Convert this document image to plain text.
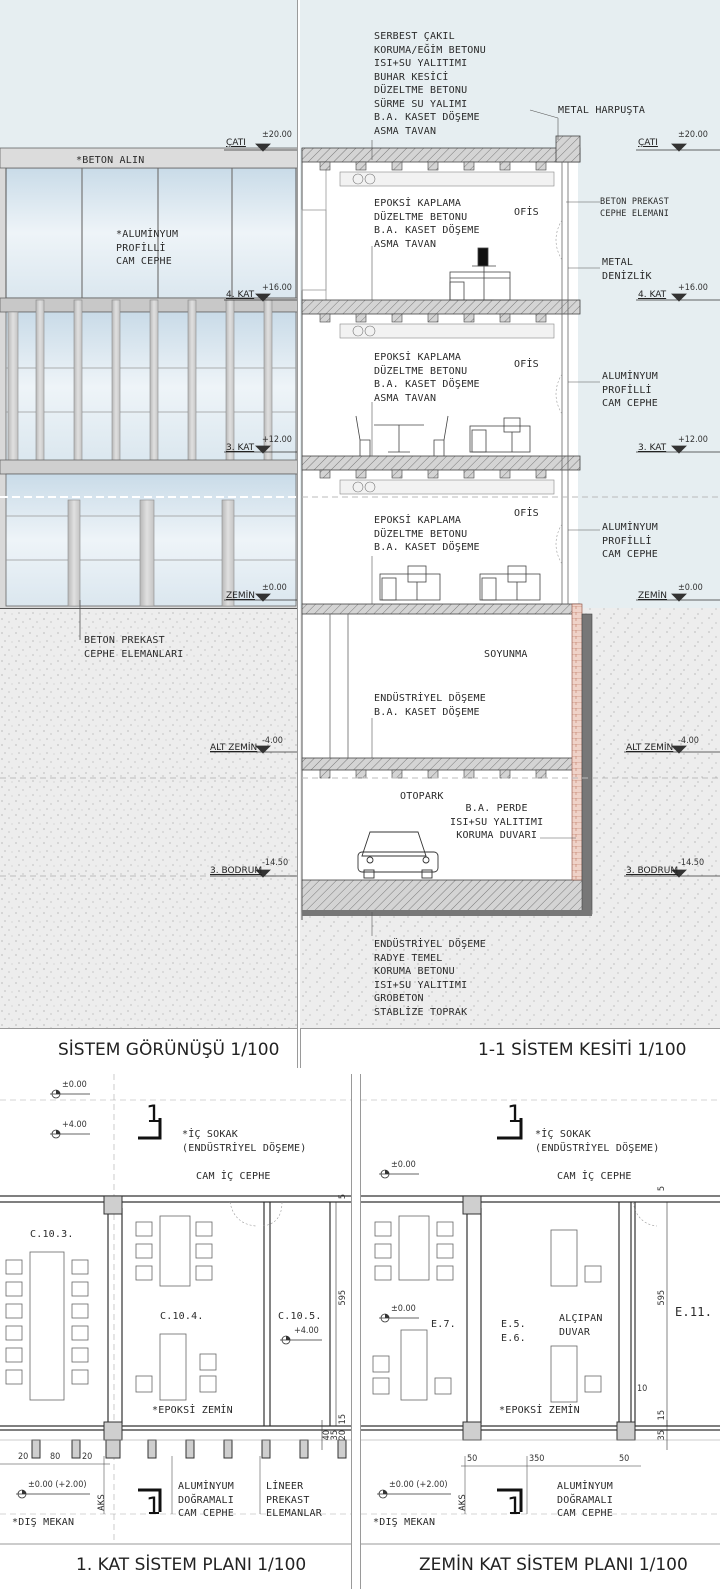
*BETON ALIN
*ALUMİNYUM
PROFİLLİ
CAM CEPHE
BETON PREKAST
CEPHE ELEMANLARI
ÇATI
±20.00
4. KAT
+16.00
3. KAT
+12.00
ZEMİN
±0.00
ALT ZEMİN
-4.00
3. BODRUM
-14.50
SİSTEM GÖRÜNÜŞÜ 1/100
SERBEST ÇAKIL
KORUMA/EĞİM BETONU
ISI+SU YALITIMI
BUHAR KESİCİ
DÜZELTME BETONU
SÜRME SU YALIMI
B.A. KASET DÖŞEME
ASMA TAVAN
METAL HARPUŞTA
BETON PREKAST
CEPHE ELEMANI
METAL
DENİZLİK
ALUMİNYUM
PROFİLLİ
CAM CEPHE
ALUMİNYUM
PROFİLLİ
CAM CEPHE
EPOKSİ KAPLAMA
DÜZELTME BETONU
B.A. KASET DÖŞEME
ASMA TAVAN
EPOKSİ KAPLAMA
DÜZELTME BETONU
B.A. KASET DÖŞEME
ASMA TAVAN
EPOKSİ KAPLAMA
DÜZELTME BETONU
B.A. KASET DÖŞEME
OFİS
OFİS
OFİS
SOYUNMA
ENDÜSTRİYEL DÖŞEME
B.A. KASET DÖŞEME
OTOPARK
B.A. PERDE
ISI+SU YALITIMI
KORUMA DUVARI
ENDÜSTRİYEL DÖŞEME
RADYE TEMEL
KORUMA BETONU
ISI+SU YALITIMI
GROBETON
STABLİZE TOPRAK
ÇATI
±20.00
4. KAT
+16.00
3. KAT
+12.00
ZEMİN
±0.00
ALT ZEMİN
-4.00
3. BODRUM
-14.50
1-1 SİSTEM KESİTİ 1/100
±0.00
+4.00
+4.00
±0.00 (+2.00)
1
1
*İÇ SOKAK
(ENDÜSTRİYEL DÖŞEME)
CAM İÇ CEPHE
C.10.3.
C.10.4.	C.10.5.
*EPOKSİ ZEMİN
ALUMİNYUM
DOĞRAMALI
CAM CEPHE
LİNEER
PREKAST
ELEMANLAR
*DIŞ MEKAN
AKS
20 80 20
595
5
15
40
35
20
1. KAT SİSTEM PLANI 1/100
±0.00
±0.00
±0.00 (+2.00)
1
1
*İÇ SOKAK
(ENDÜSTRİYEL DÖŞEME)
CAM İÇ CEPHE
E.7.	E.5.
E.6.
E.11.
ALÇIPAN
DUVAR
*EPOKSİ ZEMİN
ALUMİNYUM
DOĞRAMALI
CAM CEPHE
*DIŞ MEKAN
AKS
50	350	50
595
5
10
15
35
ZEMİN KAT SİSTEM PLANI 1/100
